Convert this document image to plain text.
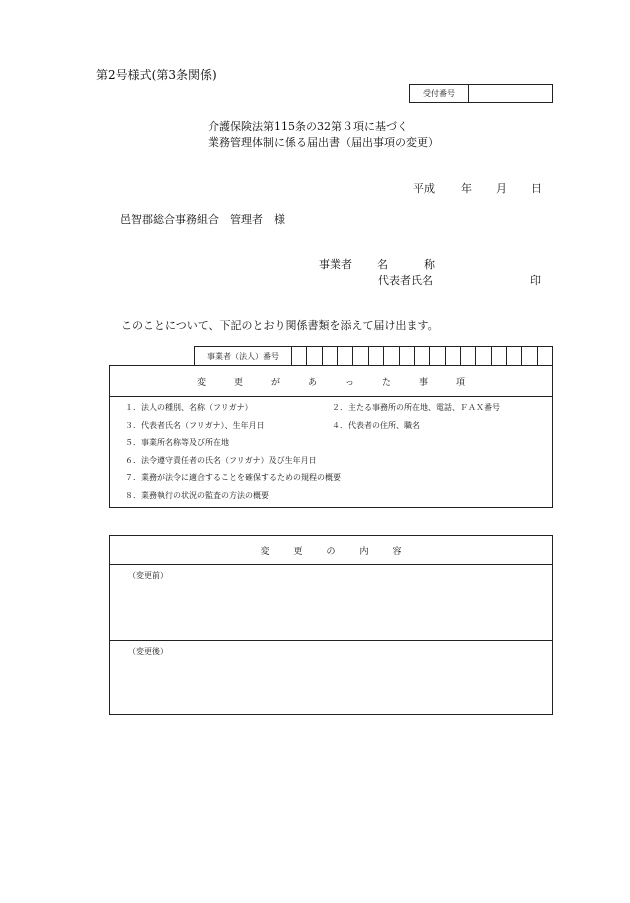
第2号様式(第3条関係)
受付番号
介護保険法第115条の32第３項に基づく
業務管理体制に係る届出書（届出事項の変更）
平成 年 月 日
邑智郡総合事務組合　管理者　様
事業者 名	称
代表者氏名	印
このことについて、下記のとおり関係書類を添えて届け出ます。
事業者（法人）番号
変	更	が	あ	っ	た	事	項
１．法人の種別、名称（フリガナ）	２．主たる事務所の所在地、電話、ＦＡＸ番号
３．代表者氏名（フリガナ）、生年月日	４．代表者の住所、職名
５．事業所名称等及び所在地
６．法令遵守責任者の氏名（フリガナ）及び生年月日
７．業務が法令に適合することを確保するための規程の概要
８．業務執行の状況の監査の方法の概要
変	更	の	内	容
（変更前）
（変更後）
